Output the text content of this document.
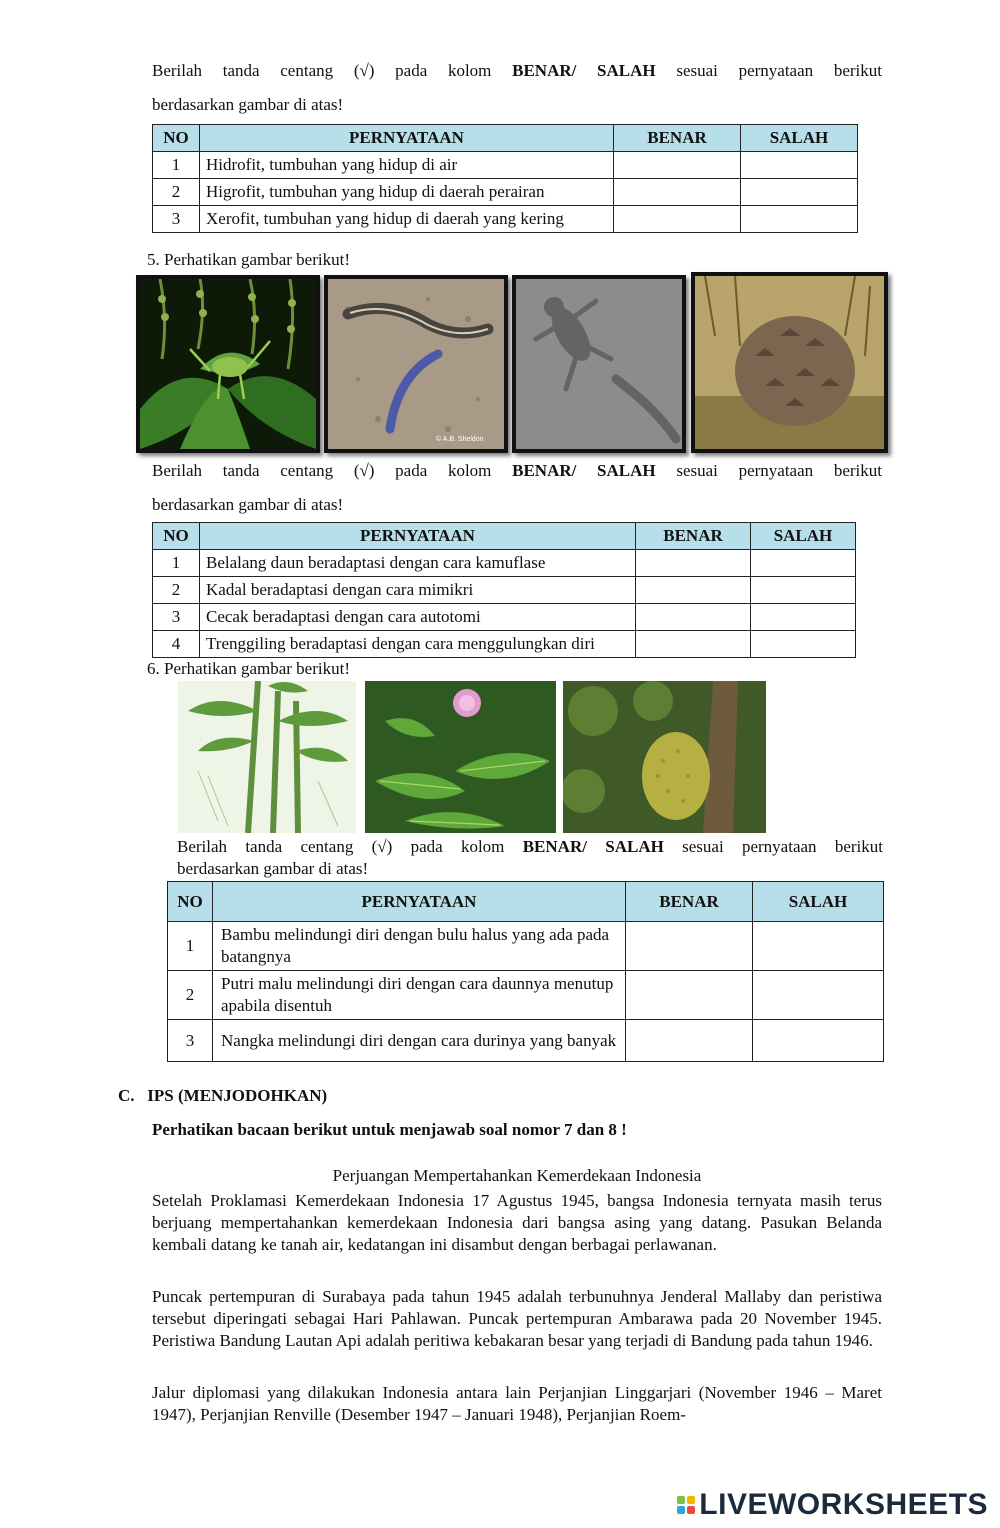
Berilah tanda centang (√) pada kolom BENAR/ SALAH sesuai pernyataan berikut
berdasarkan gambar di atas!
NO	PERNYATAAN	BENAR	SALAH
1	Hidrofit, tumbuhan yang hidup di air		
2	Higrofit, tumbuhan yang hidup di daerah perairan		
3	Xerofit, tumbuhan yang hidup di daerah yang kering		
5. Perhatikan gambar berikut!
© A.B. Sheldon
Berilah tanda centang (√) pada kolom BENAR/ SALAH sesuai pernyataan berikut
berdasarkan gambar di atas!
NO	PERNYATAAN	BENAR	SALAH
1	Belalang daun beradaptasi dengan cara kamuflase		
2	Kadal beradaptasi dengan cara mimikri		
3	Cecak beradaptasi dengan cara autotomi		
4	Trenggiling beradaptasi dengan cara menggulungkan diri		
6. Perhatikan gambar berikut!
Berilah tanda centang (√) pada kolom BENAR/ SALAH sesuai pernyataan berikut
berdasarkan gambar di atas!
NO	PERNYATAAN	BENAR	SALAH
1	Bambu melindungi diri dengan bulu halus yang ada pada batangnya		
2	Putri malu melindungi diri dengan cara daunnya menutup apabila disentuh		
3	Nangka melindungi diri dengan cara durinya yang banyak		
C.   IPS (MENJODOHKAN)
Perhatikan bacaan berikut untuk menjawab soal nomor 7 dan 8 !
Perjuangan Mempertahankan Kemerdekaan Indonesia
Setelah Proklamasi Kemerdekaan Indonesia 17 Agustus 1945, bangsa Indonesia ternyata masih terus berjuang mempertahankan kemerdekaan Indonesia dari bangsa asing yang datang. Pasukan Belanda kembali datang ke tanah air, kedatangan ini disambut dengan berbagai perlawanan.
Puncak pertempuran di Surabaya pada tahun 1945 adalah terbunuhnya Jenderal Mallaby dan peristiwa tersebut diperingati sebagai Hari Pahlawan. Puncak pertempuran Ambarawa pada 20 November 1945. Peristiwa Bandung Lautan Api adalah peritiwa kebakaran besar yang terjadi di Bandung pada tahun 1946.
Jalur diplomasi yang dilakukan Indonesia antara lain Perjanjian Linggarjari (November 1946 – Maret 1947), Perjanjian Renville (Desember 1947 – Januari 1948), Perjanjian Roem-
LIVEWORKSHEETS
